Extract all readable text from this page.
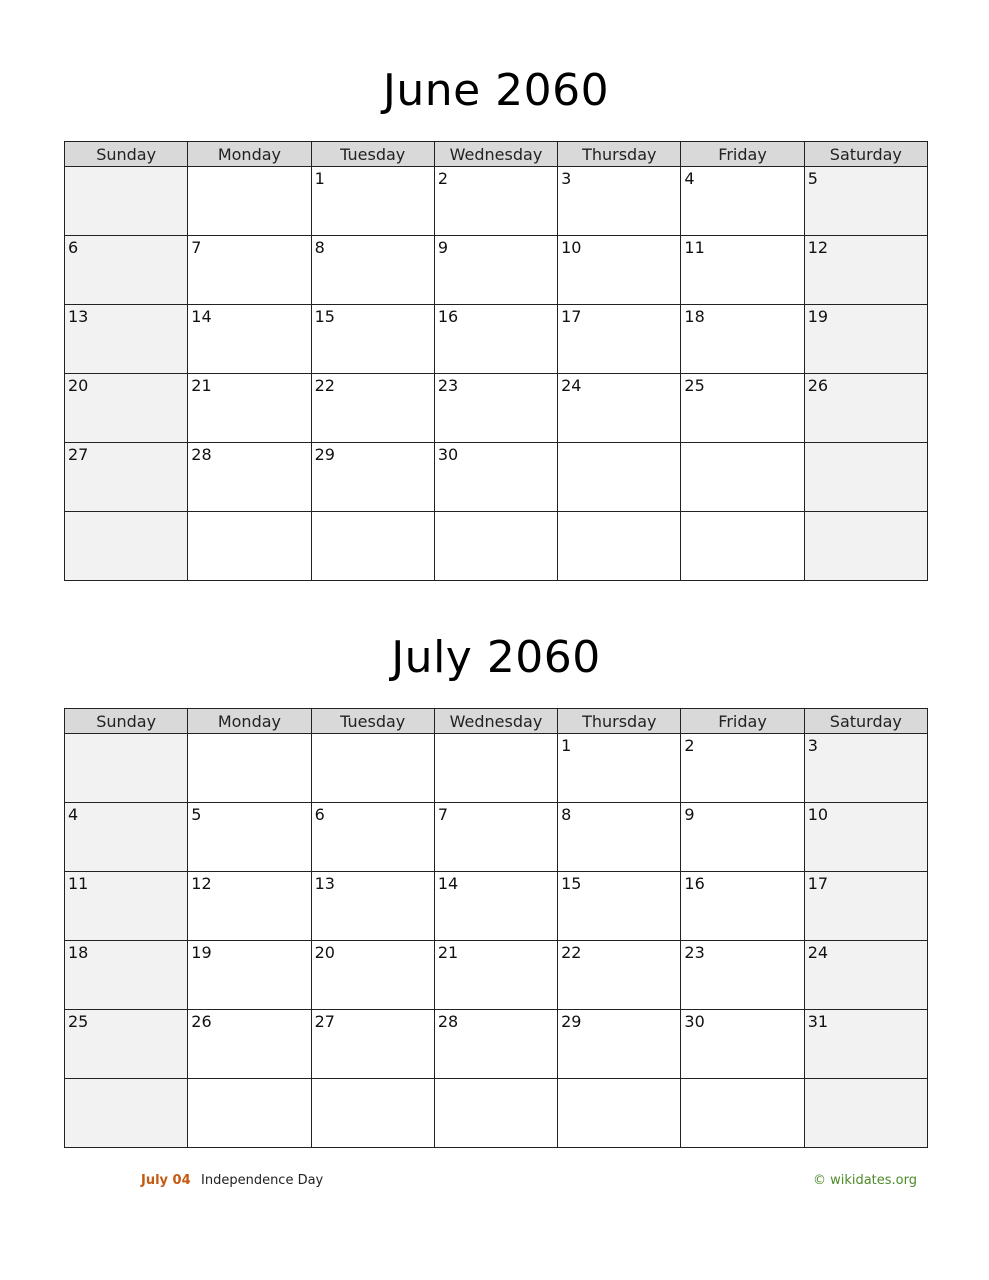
June 2060
Sunday	Monday	Tuesday	Wednesday	Thursday	Friday	Saturday

		1	2	3	4	5

6	7	8	9	10	11	12

13	14	15	16	17	18	19

20	21	22	23	24	25	26

27	28	29	30			

July 2060
Sunday	Monday	Tuesday	Wednesday	Thursday	Friday	Saturday

				1	2	3

4	5	6	7	8	9	10

11	12	13	14	15	16	17

18	19	20	21	22	23	24

25	26	27	28	29	30	31

July 04 Independence Day	© wikidates.org
